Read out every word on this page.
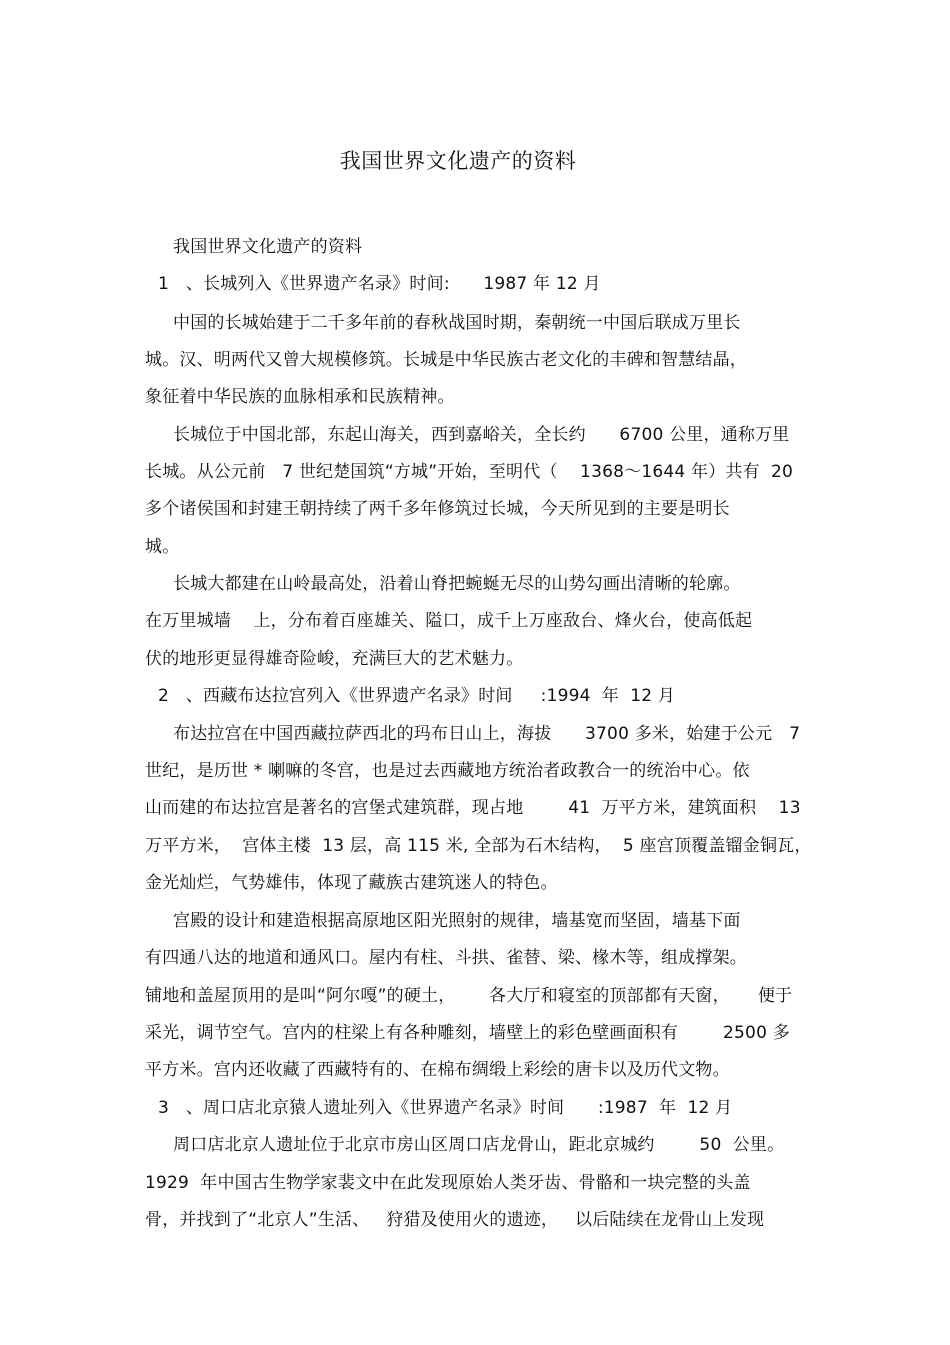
我国世界文化遗产的资料
我国世界文化遗产的资料
1   、长城列入《世界遗产名录》时间:      1987 年 12 月
中国的长城始建于二千多年前的春秋战国时期，秦朝统一中国后联成万里长
城。汉、明两代又曾大规模修筑。长城是中华民族古老文化的丰碑和智慧结晶，
象征着中华民族的血脉相承和民族精神。
长城位于中国北部，东起山海关，西到嘉峪关，全长约      6700 公里，通称万里
长城。从公元前   7 世纪楚国筑“方城”开始，至明代（    1368～1644 年）共有  20
多个诸侯国和封建王朝持续了两千多年修筑过长城，今天所见到的主要是明长
城。
长城大都建在山岭最高处，沿着山脊把蜿蜒无尽的山势勾画出清晰的轮廓。
在万里城墙    上，分布着百座雄关、隘口，成千上万座敌台、烽火台，使高低起
伏的地形更显得雄奇险峻，充满巨大的艺术魅力。
2   、西藏布达拉宫列入《世界遗产名录》时间     :1994  年  12 月
布达拉宫在中国西藏拉萨西北的玛布日山上，海拔      3700 多米，始建于公元   7
世纪，是历世 * 喇嘛的冬宫，也是过去西藏地方统治者政教合一的统治中心。依
山而建的布达拉宫是著名的宫堡式建筑群，现占地        41  万平方米，建筑面积    13
万平方米，  宫体主楼  13 层，高 115 米, 全部为石木结构，  5 座宫顶覆盖镏金铜瓦，
金光灿烂，气势雄伟，体现了藏族古建筑迷人的特色。
宫殿的设计和建造根据高原地区阳光照射的规律，墙基宽而坚固，墙基下面
有四通八达的地道和通风口。屋内有柱、斗拱、雀替、梁、椽木等，组成撑架。
铺地和盖屋顶用的是叫“阿尔嘎”的硬土，      各大厅和寝室的顶部都有天窗，     便于
采光，调节空气。宫内的柱梁上有各种雕刻，墙壁上的彩色壁画面积有        2500 多
平方米。宫内还收藏了西藏特有的、在棉布绸缎上彩绘的唐卡以及历代文物。
3   、周口店北京猿人遗址列入《世界遗产名录》时间      :1987  年  12 月
周口店北京人遗址位于北京市房山区周口店龙骨山，距北京城约        50  公里。
1929  年中国古生物学家裴文中在此发现原始人类牙齿、骨骼和一块完整的头盖
骨，并找到了“北京人”生活、   狩猎及使用火的遗迹，   以后陆续在龙骨山上发现
